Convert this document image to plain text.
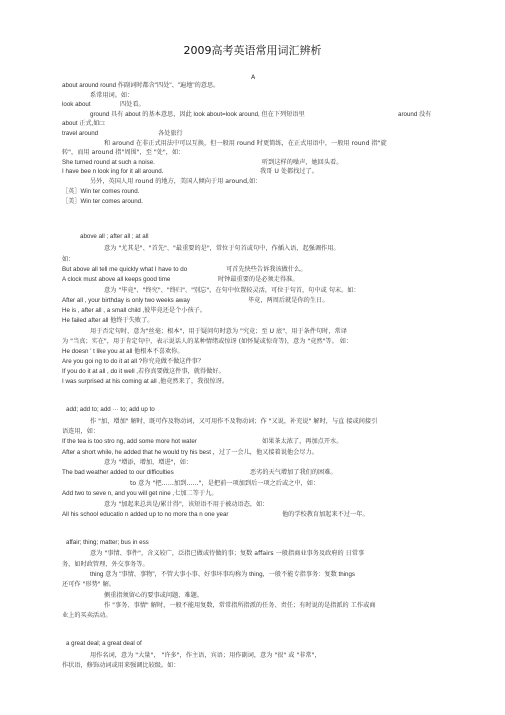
2009高考英语常用词汇辨析
A
about around round 作副词时都含"四处"、"遍地"的意思。
系常用词。如：
look about	四处看。
ground 具有 about 的基本意思，因此 look about=look around, 但在下列短语里	around 没有
about 正式,如□:
travel around	各处旅行
和 around 在非正式用法中可以互换，但一般用 round 时更简练，在正式用语中，一般用 round 指"旋
转"，而用 around 指"周围"，至 "处"，如：
She turned round at such a noise.	听到这样的噪声，她回头看。
I have bee n look ing for it all around.	我哥 U 处都找过了。
另外，英国人用 round 的地方，美国人倾向于用 around,如：
［英］Win ter comes round.
［美］Win ter comes around.
above all ; after all ; at all
意为 "尤其是"、"首先"、"最重要的是"，常位于句首或句中，作插入语，起强调作用。
如：
But above all tell me quickly what I have to do	可首先快些告诉我该做什么。
A clock must above all keeps good time	时钟最重要的是必须走得准。
意为 "毕竟"、"终究"、"终归"、"别忘"，在句中位置较灵活，可位于句首，句中或 句末。如：
After all , your birthday is only two weeks away	毕竟，两周后就是你的生日。
He is , after all , a small child ,彼毕竟还是个小孩子。
He failed after all 他终于失败了。
用于否定句时，意为"丝毫；根本"，用于疑问句时意为 "究竟；至 U 底"，用于条件句时，常译
为 "当真；实在"，用于肯定句中，表示说话人的某种情绪或惊讶 (如怀疑或惊奇等)，意为 "竟然"等。 如：
He doesn ' t like you at all 他根本不喜欢你。
Are you goi ng to do it at all ?你究竟做不做这件事？
If you do it at all , do it well ,若你真要做这件事，就得做好。
I was surprised at his coming at all ,他竟然来了，我很惊讶。
add; add to; add ··· to; add up to
作 "加，增加" 解时，既可作及物动词，又可用作不及物动词；作 "又说，补充说" 解时，与直 接或间接引
语连用，如：
If the tea is too stro ng, add some more hot water	如果茶太浓了，再加点开水。
After a short while, he added that he would try his best ，过了一会儿，他又接着说他会尽力。
意为 "增添，增加，增进"，如：
The bad weather added to our difficulties	恶劣的天气增加了我们的困难。
to 意为 "把……加到……"，是把前一项加到后一项之后或之中，如：
Add two to seve n, and you will get nine ,七加二等于九。
意为 "加起来总共是/累计得"，该短语不用于被动语态，如：
All his school educatio n added up to no more tha n one year	他的学校教育加起来不过一年。
affair; thing; matter; bus in ess
意为 "事情、事件"，含义较广，泛指已做或待做的事；复数 affairs 一般指商业事务及政府的 日常事
务，如时政管理、外交事务等。
thing 意为 "事情、事物"，不管大事小事、好事坏事均称为 thing，一般不能专指事务：复数 things
还可作 "形势" 解。
侧重指须留心的要事或问题、难题。
作 "事务、事情" 解时，一般不能用复数，常常指所指派的任务、责任；有时说的是指派的 工作或商
业上的买卖活动。
a great deal; a great deal of
用作名词，意为 "大量"， "许多"，作主语，宾语；用作副词，意为 "很" 或 "非常"，
作状语，修饰动词或用来强调比较级。如：
